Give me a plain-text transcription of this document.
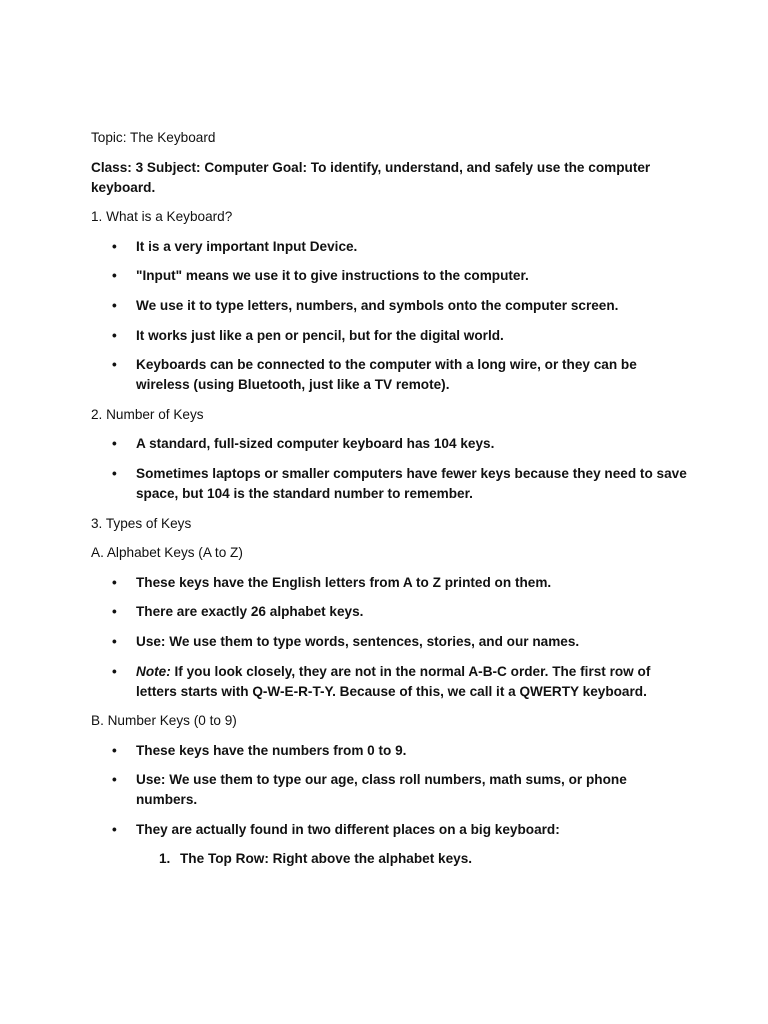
Topic: The Keyboard

Class: 3 Subject: Computer Goal: To identify, understand, and safely use the computer keyboard.

1. What is a Keyboard?

• It is a very important Input Device.
• "Input" means we use it to give instructions to the computer.
• We use it to type letters, numbers, and symbols onto the computer screen.
• It works just like a pen or pencil, but for the digital world.
• Keyboards can be connected to the computer with a long wire, or they can be wireless (using Bluetooth, just like a TV remote).

2. Number of Keys

• A standard, full-sized computer keyboard has 104 keys.
• Sometimes laptops or smaller computers have fewer keys because they need to save space, but 104 is the standard number to remember.

3. Types of Keys

A. Alphabet Keys (A to Z)

• These keys have the English letters from A to Z printed on them.
• There are exactly 26 alphabet keys.
• Use: We use them to type words, sentences, stories, and our names.
• Note: If you look closely, they are not in the normal A-B-C order. The first row of letters starts with Q-W-E-R-T-Y. Because of this, we call it a QWERTY keyboard.

B. Number Keys (0 to 9)

• These keys have the numbers from 0 to 9.
• Use: We use them to type our age, class roll numbers, math sums, or phone numbers.
• They are actually found in two different places on a big keyboard:
1. The Top Row: Right above the alphabet keys.
